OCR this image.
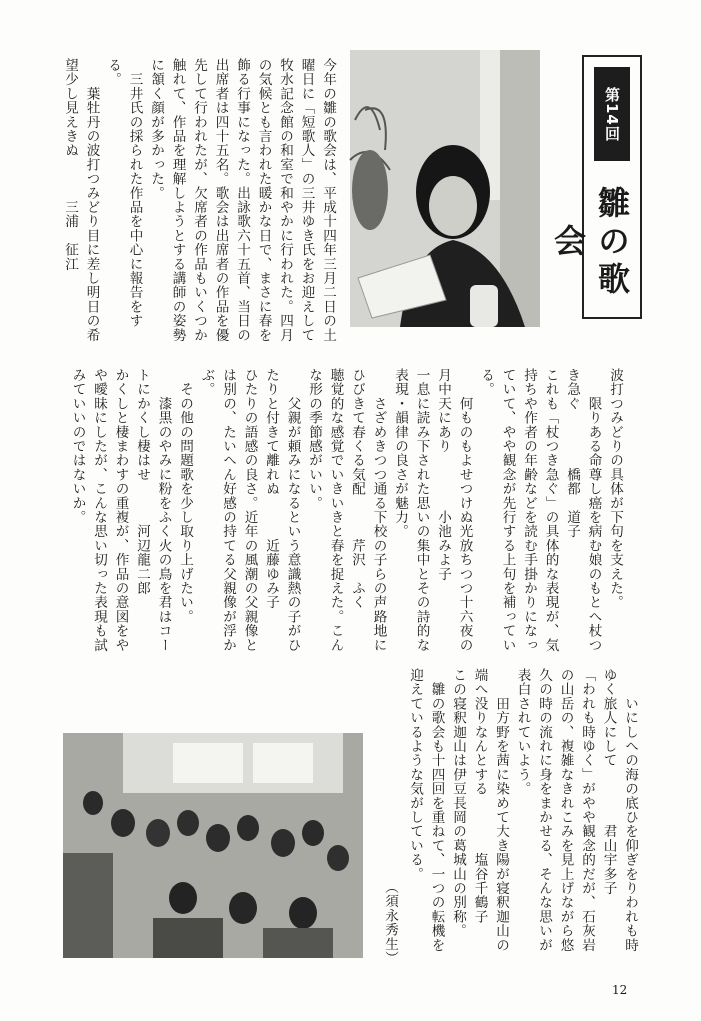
第14回
雛の歌会
今年の雛の歌会は、平成十四年三月二日の土曜日に「短歌人」の三井ゆき氏をお迎えして牧水記念館の和室で和やかに行われた。四月の気候とも言われた暖かな日で、まさに春を飾る行事になった。出詠歌六十五首、当日の出席者は四十五名。歌会は出席者の作品を優先して行われたが、欠席者の作品もいくつか触れて、作品を理解しようとする講師の姿勢に頷く顔が多かった。
　三井氏の採られた作品を中心に報告をする。
　　葉牡丹の波打つみどり目に差し明日の希望少し見えきぬ　　　三浦　征江
波打つみどりの具体が下句を支えた。
　　限りある命尊し癌を病む娘のもとへ杖つき急ぐ　　　　橋都　道子
これも「杖つき急ぐ」の具体的な表現が、気持ちや作者の年齢などを読む手掛かりになっていて、やや観念が先行する上句を補っている。
　　何ものもよせつけぬ光放ちつつ十六夜の月中天にあり　　　　小池みよ子
一息に読み下された思いの集中とその詩的な表現・韻律の良さが魅力。
　　さざめきつつ通る下校の子らの声路地にひびきて春くる気配　　　芹沢　ふく
聴覚的な感覚でいきいきと春を捉えた。こんな形の季節感がいい。
　　父親が頼みになるという意識熱の子がひたりと付きて離れぬ　　　近藤ゆみ子
ひたりの語感の良さ。近年の風潮の父親像とは別の、たいへん好感の持てる父親像が浮かぶ。
　その他の問題歌を少し取り上げたい。
　　漆黒のやみに粉をふく火の鳥を君はコートにかくし棲はせ　　　河辺龍二郎
かくしと棲まわすの重複が、作品の意図をやや曖昧にしたが、こんな思い切った表現も試みていいのではないか。
　　いにしへの海の底ひを仰ぎをりわれも時ゆく旅人にして　　　　君山宇多子
「われも時ゆく」がやや観念的だが、石灰岩の山岳の、複雑なきれこみを見上げながら悠久の時の流れに身をまかせる、そんな思いが表白されていよう。
　　田方野を茜に染めて大き陽が寝釈迦山の端へ没りなんとする　　　　塩谷千鶴子
この寝釈迦山は伊豆長岡の葛城山の別称。
　雛の歌会も十四回を重ねて、一つの転機を迎えているような気がしている。
（須永秀生）
12
